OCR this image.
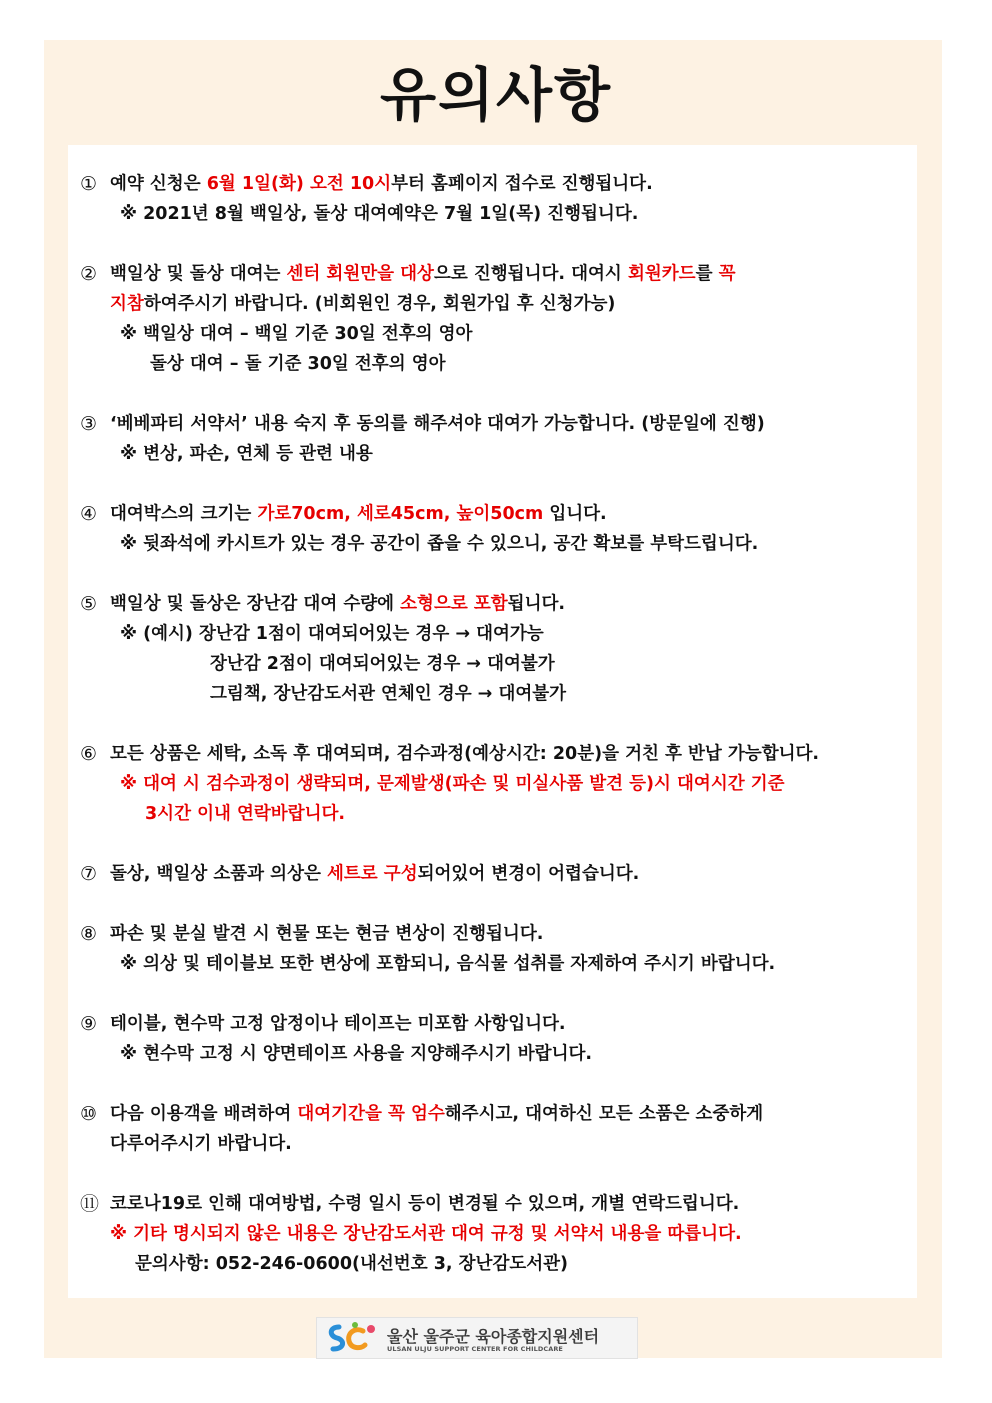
유의사항
① 예약 신청은 6월 1일(화) 오전 10시부터 홈페이지 접수로 진행됩니다.
※ 2021년 8월 백일상, 돌상 대여예약은 7월 1일(목) 진행됩니다.
② 백일상 및 돌상 대여는 센터 회원만을 대상으로 진행됩니다. 대여시 회원카드를 꼭
지참하여주시기 바랍니다. (비회원인 경우, 회원가입 후 신청가능)
※ 백일상 대여 – 백일 기준 30일 전후의 영아
돌상 대여 – 돌 기준 30일 전후의 영아
③ ‘베베파티 서약서’ 내용 숙지 후 동의를 해주셔야 대여가 가능합니다. (방문일에 진행)
※ 변상, 파손, 연체 등 관련 내용
④ 대여박스의 크기는 가로70cm, 세로45cm, 높이50cm 입니다.
※ 뒷좌석에 카시트가 있는 경우 공간이 좁을 수 있으니, 공간 확보를 부탁드립니다.
⑤ 백일상 및 돌상은 장난감 대여 수량에 소형으로 포함됩니다.
※ (예시) 장난감 1점이 대여되어있는 경우 → 대여가능
장난감 2점이 대여되어있는 경우 → 대여불가
그림책, 장난감도서관 연체인 경우 → 대여불가
⑥ 모든 상품은 세탁, 소독 후 대여되며, 검수과정(예상시간: 20분)을 거친 후 반납 가능합니다.
※ 대여 시 검수과정이 생략되며, 문제발생(파손 및 미실사품 발견 등)시 대여시간 기준
3시간 이내 연락바랍니다.
⑦ 돌상, 백일상 소품과 의상은 세트로 구성되어있어 변경이 어렵습니다.
⑧ 파손 및 분실 발견 시 현물 또는 현금 변상이 진행됩니다.
※ 의상 및 테이블보 또한 변상에 포함되니, 음식물 섭취를 자제하여 주시기 바랍니다.
⑨ 테이블, 현수막 고정 압정이나 테이프는 미포함 사항입니다.
※ 현수막 고정 시 양면테이프 사용을 지양해주시기 바랍니다.
⑩ 다음 이용객을 배려하여 대여기간을 꼭 엄수해주시고, 대여하신 모든 소품은 소중하게
다루어주시기 바랍니다.
⑪ 코로나19로 인해 대여방법, 수령 일시 등이 변경될 수 있으며, 개별 연락드립니다.
※ 기타 명시되지 않은 내용은 장난감도서관 대여 규정 및 서약서 내용을 따릅니다.
문의사항: 052-246-0600(내선번호 3, 장난감도서관)
울산 울주군 육아종합지원센터
ULSAN ULJU SUPPORT CENTER FOR CHILDCARE
